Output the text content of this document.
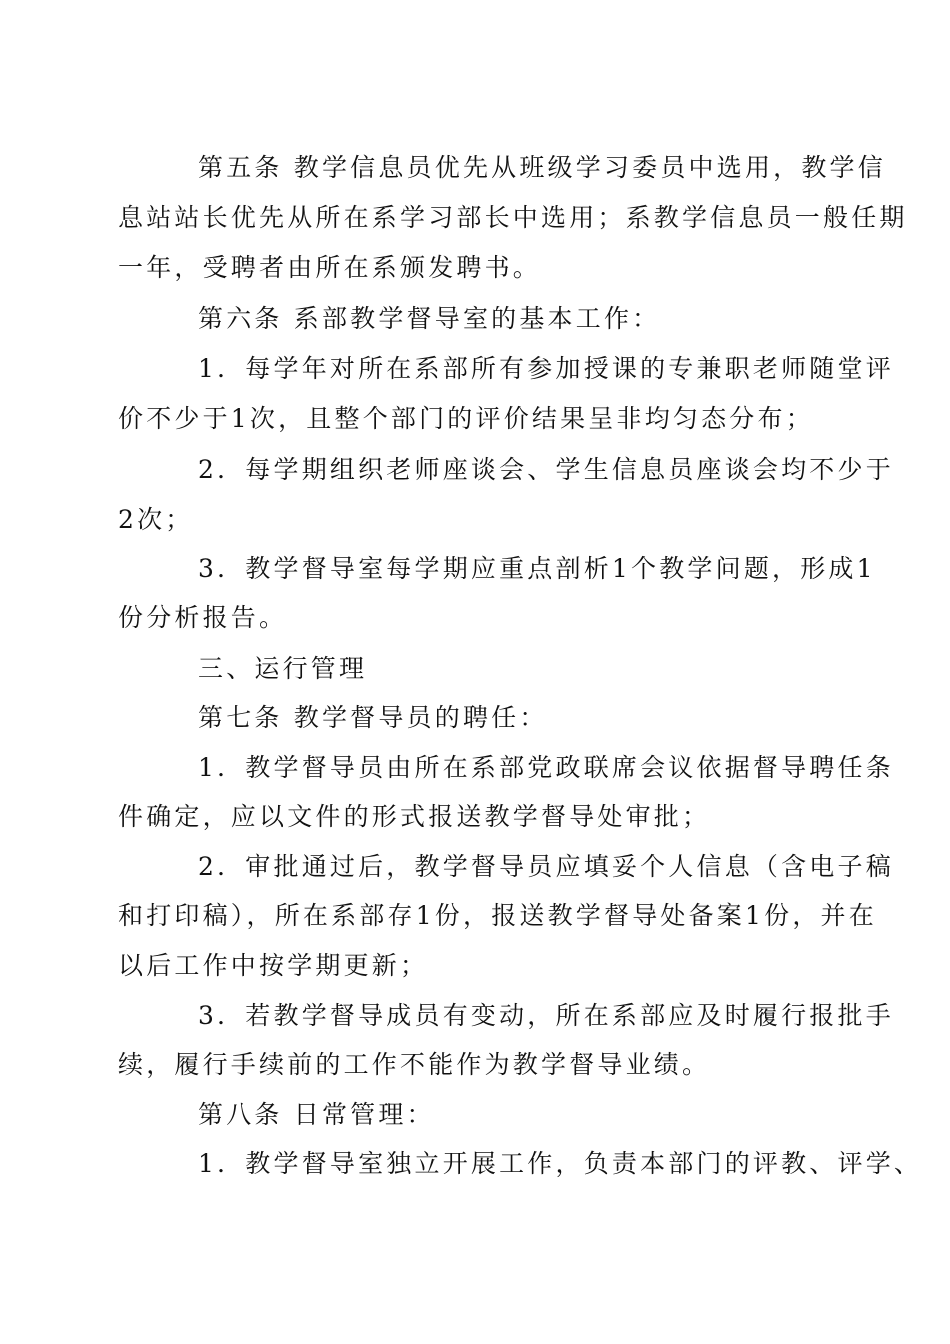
第五条 教学信息员优先从班级学习委员中选用，教学信
息站站长优先从所在系学习部长中选用；系教学信息员一般任期
一年，受聘者由所在系颁发聘书。
第六条 系部教学督导室的基本工作：
1．每学年对所在系部所有参加授课的专兼职老师随堂评
价不少于1次，且整个部门的评价结果呈非均匀态分布；
2．每学期组织老师座谈会、学生信息员座谈会均不少于
2次；
3．教学督导室每学期应重点剖析1个教学问题，形成1
份分析报告。
三、运行管理
第七条 教学督导员的聘任：
1．教学督导员由所在系部党政联席会议依据督导聘任条
件确定，应以文件的形式报送教学督导处审批；
2．审批通过后，教学督导员应填妥个人信息（含电子稿
和打印稿），所在系部存1份，报送教学督导处备案1份，并在
以后工作中按学期更新；
3．若教学督导成员有变动，所在系部应及时履行报批手
续，履行手续前的工作不能作为教学督导业绩。
第八条 日常管理：
1．教学督导室独立开展工作，负责本部门的评教、评学、
